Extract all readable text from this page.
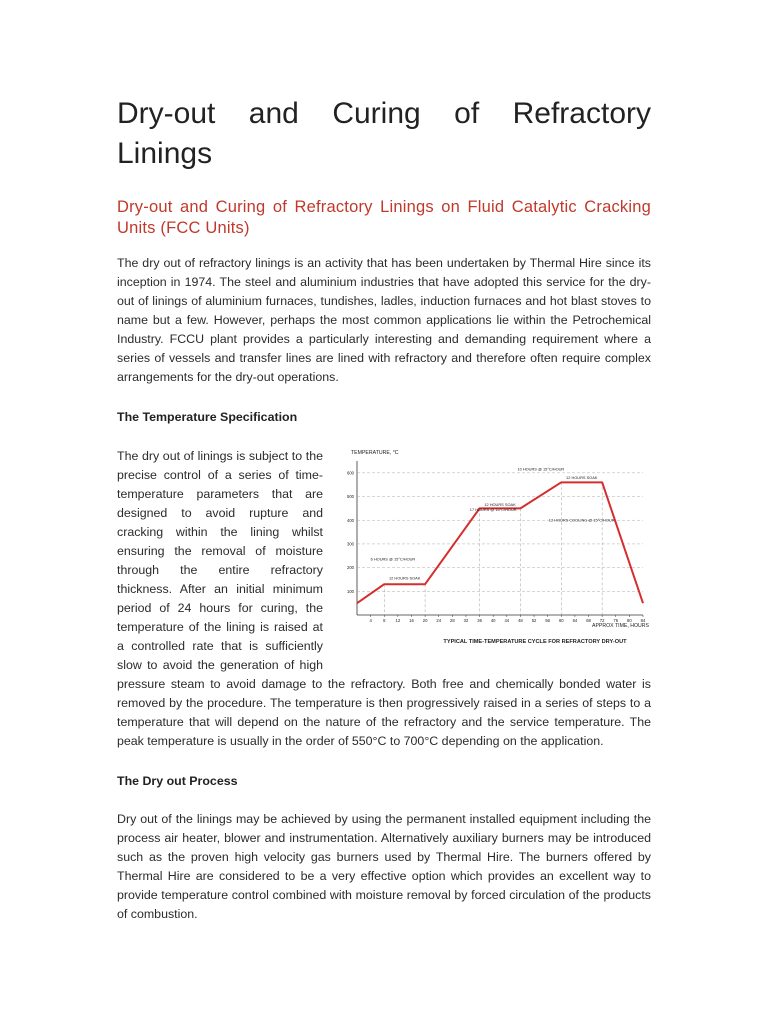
Dry-out and Curing of Refractory Linings
Dry-out and Curing of Refractory Linings on Fluid Catalytic Cracking Units (FCC Units)

The dry out of refractory linings is an activity that has been undertaken by Thermal Hire since its inception in 1974. The steel and aluminium industries that have adopted this service for the dry-out of linings of aluminium furnaces, tundishes, ladles, induction furnaces and hot blast stoves to name but a few. However, perhaps the most common applications lie within the Petrochemical Industry. FCCU plant provides a particularly interesting and demanding requirement where a series of vessels and transfer lines are lined with refractory and therefore often require complex arrangements for the dry-out operations.

The Temperature Specification
100
200
300
400
500
600
4	8 12 16 20 24 28 32 36 40 44 48 52 56 60 64 68 72 76 80 84
6 HOURS @ 15°C/HOUR
12 HOURS SOAK
17 HOURS @ 15°C/HOUR
12 HOURS SOAK
10 HOURS @ 15°C/HOUR
12 HOURS SOAK
12 HOURS COOLING @ 15°C/HOUR
TEMPERATURE, °C
APPROX TIME, HOURS
TYPICAL TIME-TEMPERATURE CYCLE FOR REFRACTORY DRY-OUT

The dry out of linings is subject to the precise control of a series of time-temperature parameters that are designed to avoid rupture and cracking within the lining whilst ensuring the removal of moisture through the entire refractory thickness. After an initial minimum period of 24 hours for curing, the temperature of the lining is raised at a controlled rate that is sufficiently slow to avoid the generation of high pressure steam to avoid damage to the refractory. Both free and chemically bonded water is removed by the procedure. The temperature is then progressively raised in a series of steps to a temperature that will depend on the nature of the refractory and the service temperature. The peak temperature is usually in the order of 550°C to 700°C depending on the application.

The Dry out Process

Dry out of the linings may be achieved by using the permanent installed equipment including the process air heater, blower and instrumentation. Alternatively auxiliary burners may be introduced such as the proven high velocity gas burners used by Thermal Hire. The burners offered by Thermal Hire are considered to be a very effective option which provides an excellent way to provide temperature control combined with moisture removal by forced circulation of the products of combustion.
